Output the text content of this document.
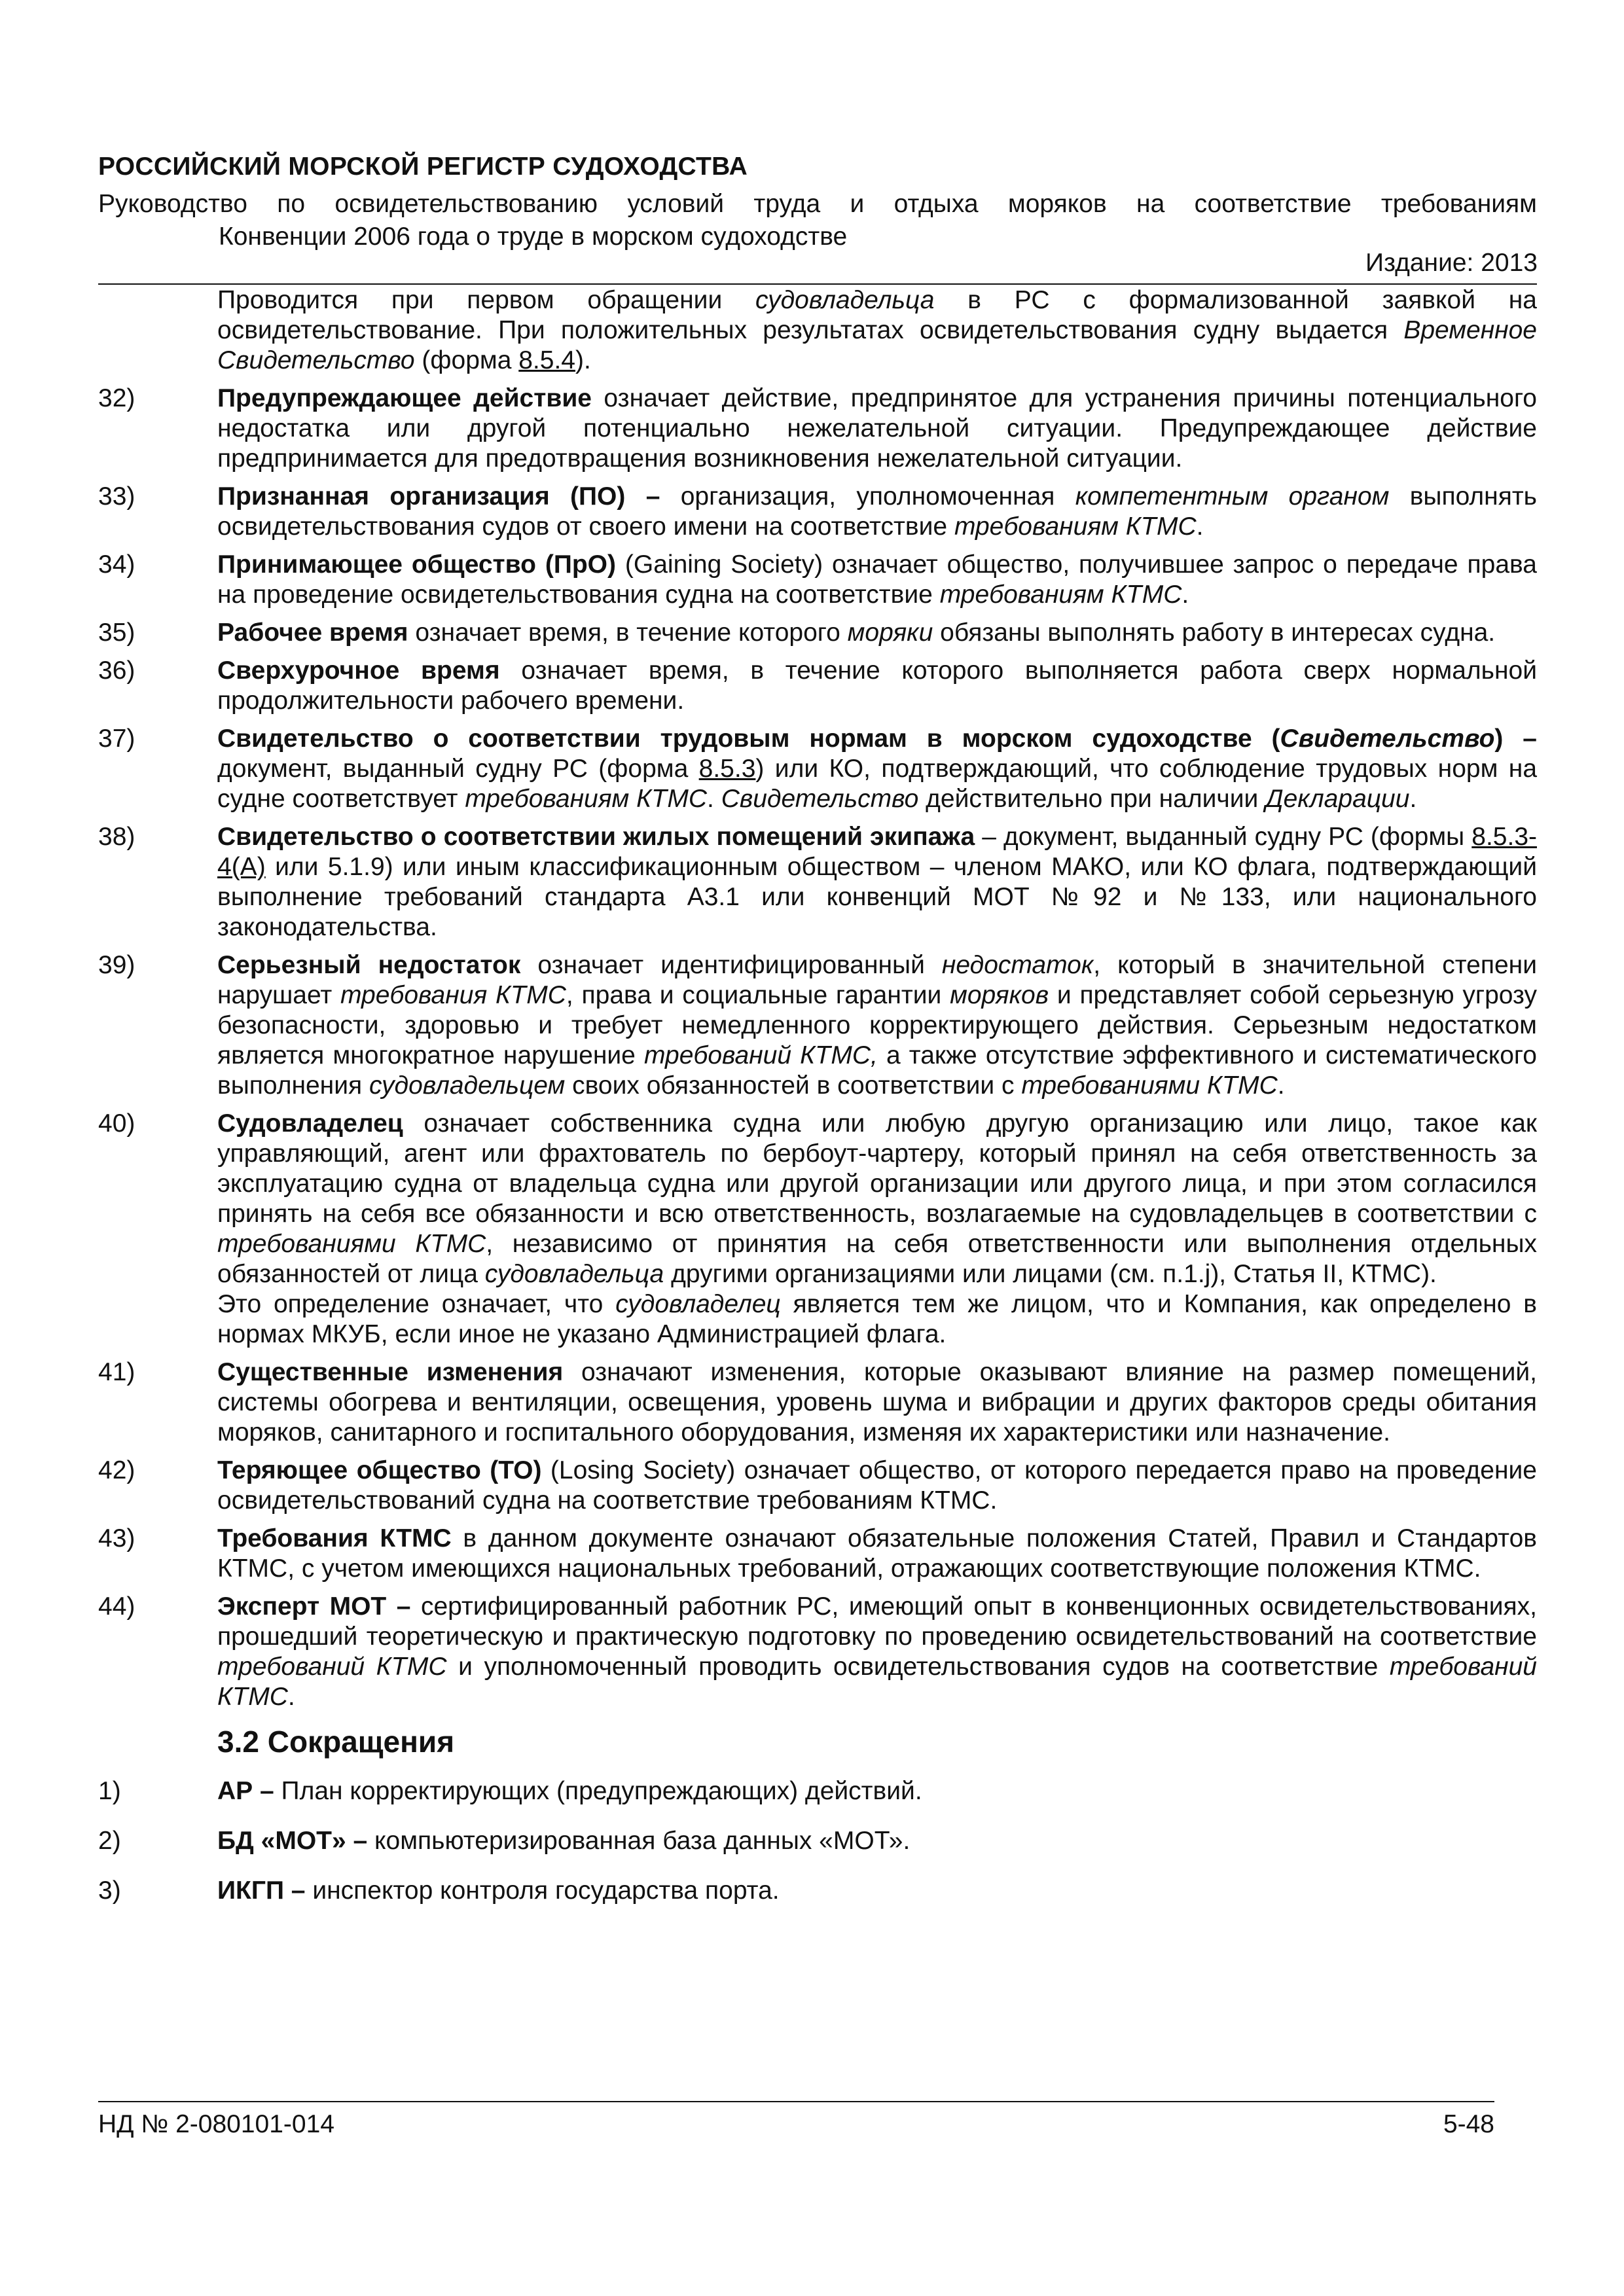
РОССИЙСКИЙ МОРСКОЙ РЕГИСТР СУДОХОДСТВА
Руководство по освидетельствованию условий труда и отдыха моряков на соответствие требованиям
Конвенции 2006 года о труде в морском судоходстве
Издание: 2013

Проводится при первом обращении судовладельца в РС с формализованной заявкой на освидетельствование. При положительных результатах освидетельствования судну выдается Временное Свидетельство (форма 8.5.4).

32)	Предупреждающее действие означает действие, предпринятое для устранения причины потенциального недостатка или другой потенциально нежелательной ситуации. Предупреждающее действие предпринимается для предотвращения возникновения нежелательной ситуации.

33)	Признанная организация (ПО) – организация, уполномоченная компетентным органом выполнять освидетельствования судов от своего имени на соответствие требованиям КТМС.

34)	Принимающее общество (ПрО) (Gaining Society) означает общество, получившее запрос о передаче права на проведение освидетельствования судна на соответствие требованиям КТМС.

35)	Рабочее время означает время, в течение которого моряки обязаны выполнять работу в интересах судна.

36)	Сверхурочное время означает время, в течение которого выполняется работа сверх нормальной продолжительности рабочего времени.

37)	Свидетельство о соответствии трудовым нормам в морском судоходстве (Свидетельство) – документ, выданный судну РС (форма 8.5.3) или КО, подтверждающий, что соблюдение трудовых норм на судне соответствует требованиям КТМС. Свидетельство действительно при наличии Декларации.

38)	Свидетельство о соответствии жилых помещений экипажа – документ, выданный судну РС (формы 8.5.3-4(А) или 5.1.9) или иным классификационным обществом – членом МАКО, или КО флага, подтверждающий выполнение требований стандарта А3.1 или конвенций МОТ №92 и №133, или национального законодательства.

39)	Серьезный недостаток означает идентифицированный недостаток, который в значительной степени нарушает требования КТМС, права и социальные гарантии моряков и представляет собой серьезную угрозу безопасности, здоровью и требует немедленного корректирующего действия. Серьезным недостатком является многократное нарушение требований КТМС, а также отсутствие эффективного и систематического выполнения судовладельцем своих обязанностей в соответствии с требованиями КТМС.

40)	Судовладелец означает собственника судна или любую другую организацию или лицо, такое как управляющий, агент или фрахтователь по бербоут-чартеру, который принял на себя ответственность за эксплуатацию судна от владельца судна или другой организации или другого лица, и при этом согласился принять на себя все обязанности и всю ответственность, возлагаемые на судовладельцев в соответствии с требованиями КТМС, независимо от принятия на себя ответственности или выполнения отдельных обязанностей от лица судовладельца другими организациями или лицами (см. п.1.j), Статья II, КТМС).

Это определение означает, что судовладелец является тем же лицом, что и Компания, как определено в нормах МКУБ, если иное не указано Администрацией флага.

41)	Существенные изменения означают изменения, которые оказывают влияние на размер помещений, системы обогрева и вентиляции, освещения, уровень шума и вибрации и других факторов среды обитания моряков, санитарного и госпитального оборудования, изменяя их характеристики или назначение.

42)	Теряющее общество (ТО) (Losing Society) означает общество, от которого передается право на проведение освидетельствований судна на соответствие требованиям КТМС.

43)	Требования КТМС в данном документе означают обязательные положения Статей, Правил и Стандартов КТМС, с учетом имеющихся национальных требований, отражающих соответствующие положения КТМС.

44)	Эксперт МОТ – сертифицированный работник РС, имеющий опыт в конвенционных освидетельствованиях, прошедший теоретическую и практическую подготовку по проведению освидетельствований на соответствие требований КТМС и уполномоченный проводить освидетельствования судов на соответствие требований КТМС.

3.2 Сокращения
1)	АР – План корректирующих (предупреждающих) действий.
2)	БД «МОТ» – компьютеризированная база данных «МОТ».
3)	ИКГП – инспектор контроля государства порта.
НД № 2-080101-014	5-48
